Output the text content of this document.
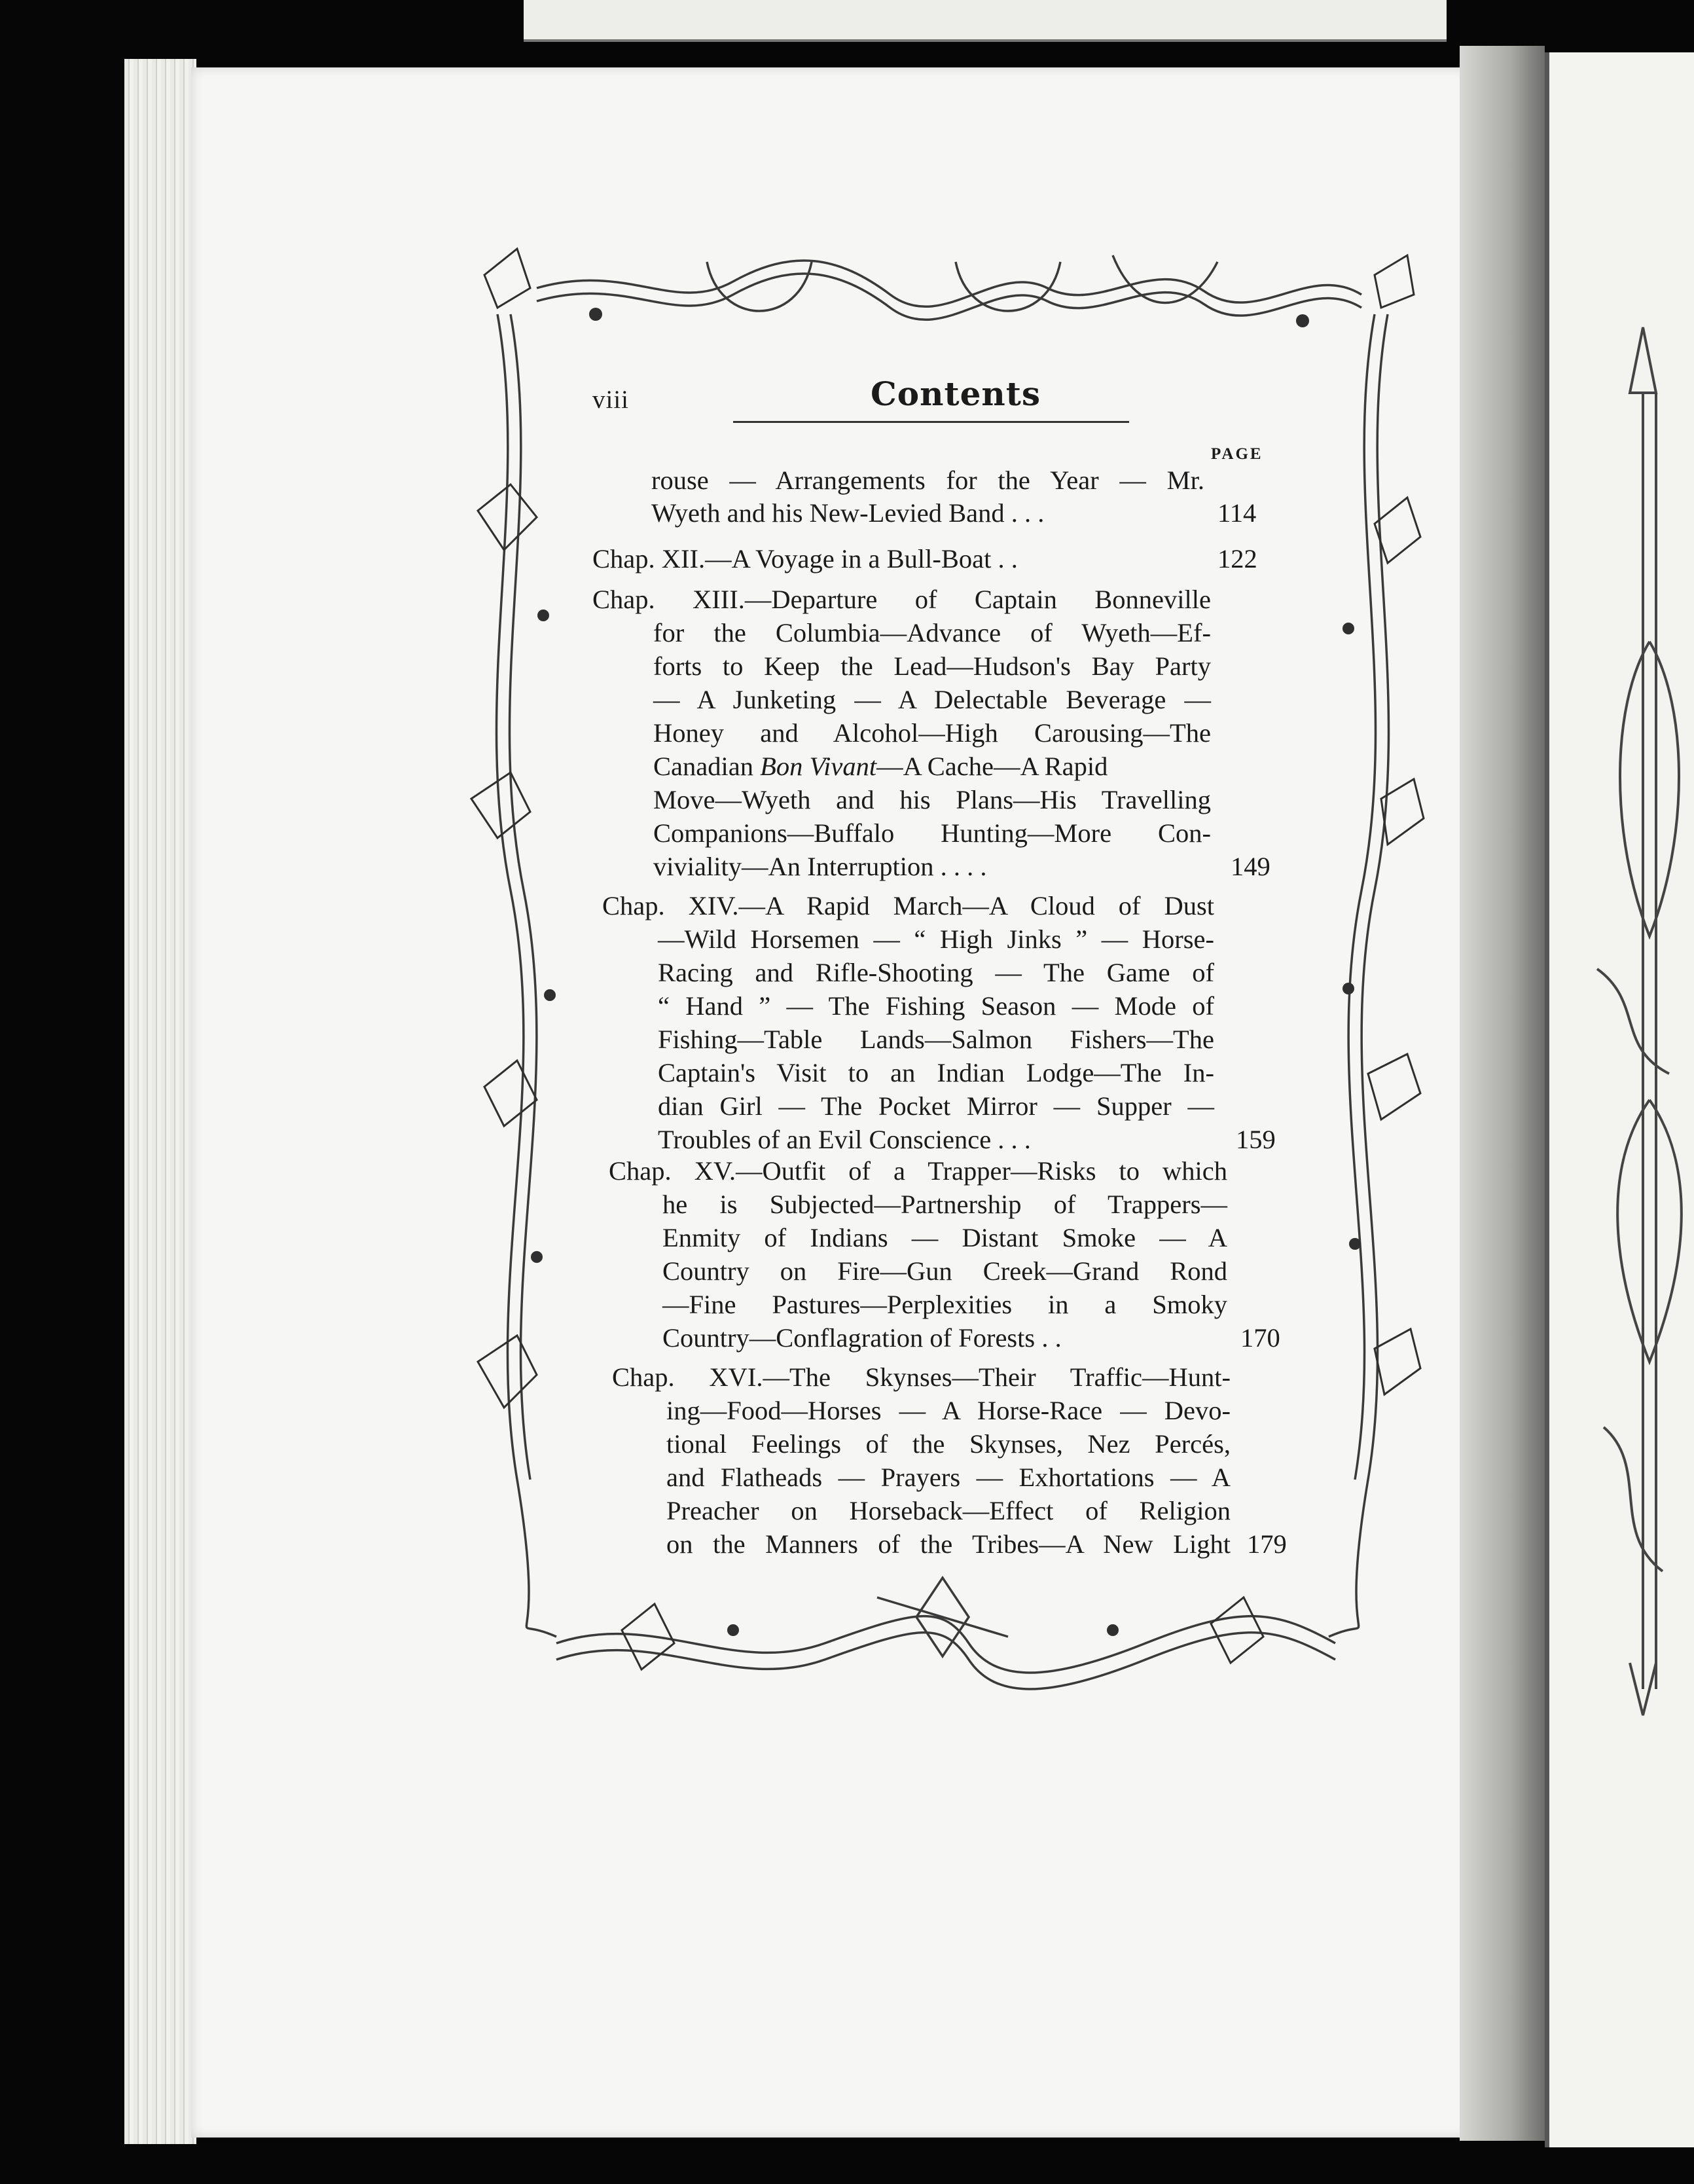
viii	Contents
PAGE
rouse — Arrangements for the Year — Mr.
Wyeth and his New-Levied Band . . .	114
Chap. XII.—A Voyage in a Bull-Boat . .	122
Chap. XIII.—Departure of Captain Bonneville
for the Columbia—Advance of Wyeth—Ef-
forts to Keep the Lead—Hudson's Bay Party
— A Junketing — A Delectable Beverage —
Honey and Alcohol—High Carousing—The
Canadian Bon Vivant—A Cache—A Rapid
Move—Wyeth and his Plans—His Travelling
Companions—Buffalo Hunting—More Con-
viviality—An Interruption . . . .	149
Chap. XIV.—A Rapid March—A Cloud of Dust
—Wild Horsemen — “ High Jinks ” — Horse-
Racing and Rifle-Shooting — The Game of
“ Hand ” — The Fishing Season — Mode of
Fishing—Table Lands—Salmon Fishers—The
Captain's Visit to an Indian Lodge—The In-
dian Girl — The Pocket Mirror — Supper —
Troubles of an Evil Conscience . . .	159
Chap. XV.—Outfit of a Trapper—Risks to which
he is Subjected—Partnership of Trappers—
Enmity of Indians — Distant Smoke — A
Country on Fire—Gun Creek—Grand Rond
—Fine Pastures—Perplexities in a Smoky
Country—Conflagration of Forests . .	170
Chap. XVI.—The Skynses—Their Traffic—Hunt-
ing—Food—Horses — A Horse-Race — Devo-
tional Feelings of the Skynses, Nez Percés,
and Flatheads — Prayers — Exhortations — A
Preacher on Horseback—Effect of Religion
on the Manners of the Tribes—A New Light 179
